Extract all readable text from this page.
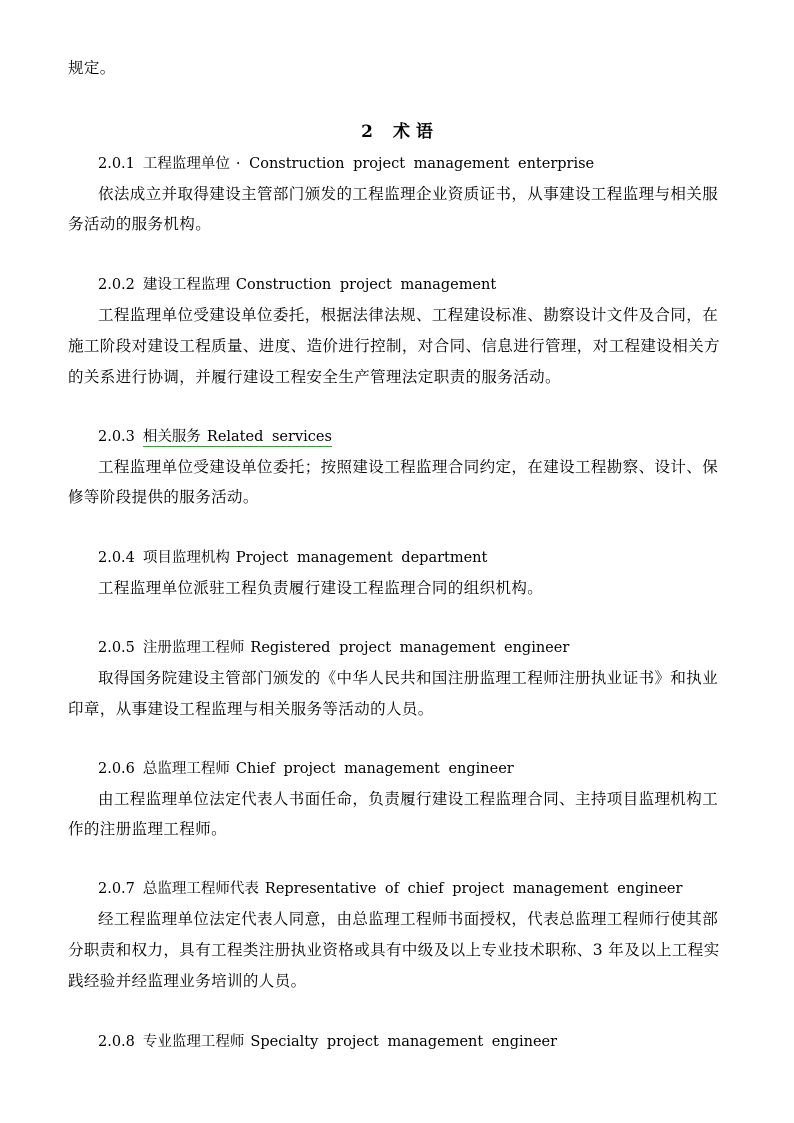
规定。
2 术 语
2.0.1 工程监理单位 · Construction project management enterprise
依法成立并取得建设主管部门颁发的工程监理企业资质证书，从事建设工程监理与相关服
务活动的服务机构。
2.0.2 建设工程监理 Construction project management
工程监理单位受建设单位委托，根据法律法规、工程建设标准、勘察设计文件及合同，在
施工阶段对建设工程质量、进度、造价进行控制，对合同、信息进行管理，对工程建设相关方
的关系进行协调，并履行建设工程安全生产管理法定职责的服务活动。
2.0.3 相关服务 Related services
工程监理单位受建设单位委托；按照建设工程监理合同约定，在建设工程勘察、设计、保
修等阶段提供的服务活动。
2.0.4 项目监理机构 Project management department
工程监理单位派驻工程负责履行建设工程监理合同的组织机构。
2.0.5 注册监理工程师 Registered project management engineer
取得国务院建设主管部门颁发的《中华人民共和国注册监理工程师注册执业证书》和执业
印章，从事建设工程监理与相关服务等活动的人员。
2.0.6 总监理工程师 Chief project management engineer
由工程监理单位法定代表人书面任命，负责履行建设工程监理合同、主持项目监理机构工
作的注册监理工程师。
2.0.7 总监理工程师代表 Representative of chief project management engineer
经工程监理单位法定代表人同意，由总监理工程师书面授权，代表总监理工程师行使其部
分职责和权力，具有工程类注册执业资格或具有中级及以上专业技术职称、3 年及以上工程实
践经验并经监理业务培训的人员。
2.0.8 专业监理工程师 Specialty project management engineer
